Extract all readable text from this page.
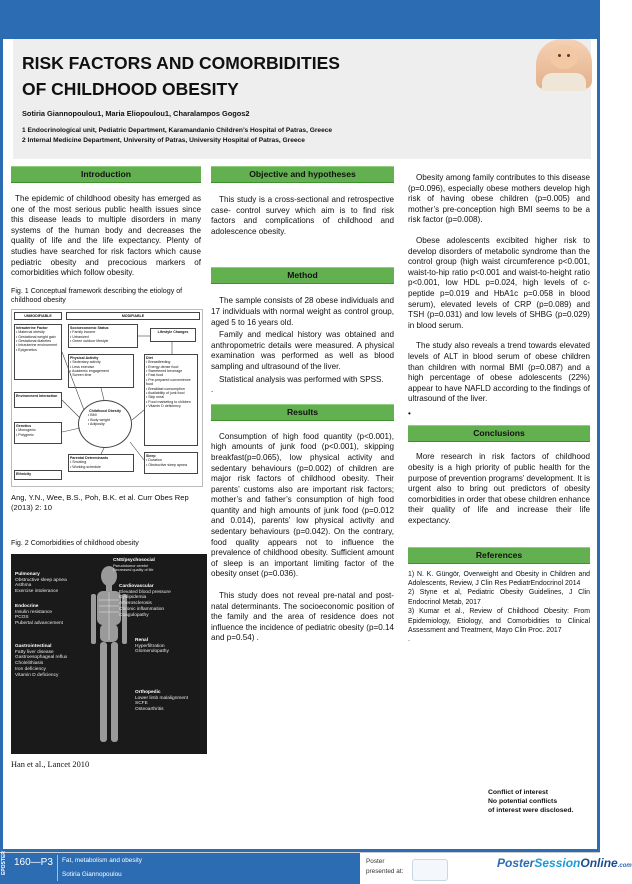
RISK FACTORS AND COMORBIDITIES
OF CHILDHOOD OBESITY
Sotiria Giannopoulou1, Maria Eliopoulou1, Charalampos Gogos2
1 Endocrinological unit, Pediatric Department, Karamandanio Children’s Hospital of Patras, Greece
2 Internal Medicine Department, University of Patras, University Hospital of Patras, Greece
Introduction

The epidemic of childhood obesity has emerged as one of the most serious public health issues since this disease leads to multiple disorders in many systems of the human body and decreases the quality of life and the life expectancy. Plenty of studies have searched for risk factors which cause pediatric obesity and precocious markers of comorbidities which follow obesity.

Fig. 1 Conceptual framework describing the etiology of childhood obesity
UNMODIFIABLE	MODIFIABLE
Intrauterine Factor
• Maternal obesity
• Gestational weight gain
• Gestational diabetes
• Intrauterine environment
• Epigenetics
Socioeconomic Status
• Family income
• Urbanized
• Green outdoor lifestyle
Lifestyle Changes
Physical Activity
• Sedentary activity
• Less exercise
• Academic engagement
• Screen time
Diet
• Breastfeeding
• Energy dense food
• Sweetened beverage
• Fast food
• Pre-prepared convenience food
• Breakfast consumption
• Availability of junk food
• Skip meal
• Food marketing to children
• Vitamin D deficiency
Environment Interaction
Childhood Obesity
• BMI
• Body weight
• Adiposity
Genetics
• Monogenic
• Polygenic
Parental Determinants
• Smoking
• Working schedule
Sleep
• Duration
• Obstructive sleep apnea
Ethnicity
Ang, Y.N., Wee, B.S., Poh, B.K. et al. Curr Obes Rep (2013) 2: 10
Fig. 2 Comorbidities of childhood obesity
CNS/psychosocial
Pseudotumor cerebri
Decreased quality of life
Pulmonary
Obstructive sleep apnea
Asthma
Exercise intolerance
Cardiovascular
Elevated blood pressure
Dyslipidemia
Atherosclerosis
Chronic inflammation
Coagulopathy
Endocrine
Insulin resistance
PCOS
Pubertal advancement
Renal
Hyperfiltration
Glomerulopathy
Gastrointestinal
Fatty liver disease
Gastroesophageal reflux
Cholelithiasis
Iron deficiency
Vitamin D deficiency
Orthopedic
Lower limb malalignment
SCFE
Osteoarthritis
Han et al., Lancet 2010
Objective and hypotheses

This study is a cross-sectional and retrospective case- control survey which aim is to find risk factors and complications of childhood and adolescence obesity.

Method

The sample consists of 28 obese individuals and 17 individuals with normal weight as control group, aged 5 to 16 years old.

Family and medical history was obtained and anthropometric details were measured. A physical examination was performed as well as blood sampling and ultrasound of the liver.

Statistical analysis was performed with SPSS.

.

Results

Consumption of high food quantity (p<0.001), high amounts of junk food (p<0.001), skipping breakfast(p=0.065), low physical activity and sedentary behaviours (p=0.002) of children are major risk factors of childhood obesity. Their parents’ customs also are important risk factors; mother’s and father’s consumption of high food quantity and high amounts of junk food (p=0.012 and 0.014), parents’ low physical activity and sedentary behaviours (p=0.042). On the contrary, food quality appears not to influence the prevalence of childhood obesity. Sufficient amount of sleep is an important limiting factor of the obesity onset (p=0.036).

This study does not reveal pre-natal and post-natal determinants. The socioeconomic position of the family and the area of residence does not influence the incidence of pediatric obesity (p=0.14 and p=0.54) .

Obesity among family contributes to this disease (p=0.096), especially obese mothers develop high risk of having obese children (p=0.005) and mother’s pre-conception high BMI seems to be a risk factor (p=0.008).

Obese adolescents excibited higher risk to develop disorders of metabolic syndrome than the control group (high waist circumference p<0.001, waist-to-hip ratio p<0.001 and waist-to-height ratio p<0.001, low HDL p=0.024, high levels of c-peptide p=0.019 and HbA1c p=0.058 in blood serum), elevated levels of CRP (p=0.089) and TSH (p=0.031) and low levels of SHBG (p=0.029) in blood serum.

The study also reveals a trend towards elevated levels of ALT in blood serum of obese children than children with normal BMI (p=0.087) and a high percentage of obese adolescents (22%) appear to have NAFLD according to the findings of ultrasound of the liver.

•

Conclusions

More research in risk factors of childhood obesity is a high priority of public health for the purpose of prevention programs’ development. It is urgent also to bring out predictors of obesity comorbidities in order that obese children enhance their quality of life and increase their life expectancy.

References
1) N. K. Güngör, Overweight and Obesity in Children and Adolescents, Review, J Clin Res PediatrEndocrinol 2014
2) Styne et al, Pediatric Obesity Guidelines, J Clin Endocrinol Metab, 2017
3) Kumar et al., Review of Childhood Obesity: From Epidemiology, Etiology, and Comorbidities to Clinical Assessment and Treatment, Mayo Clin Proc. 2017
.
Conflict of interest
No potential conflicts
of interest were disclosed.
EPOSTER 160—P3 Fat, metabolism and obesity
Sotiria Giannopoulou
Poster
presented at:
PosterSessionOnline.com
